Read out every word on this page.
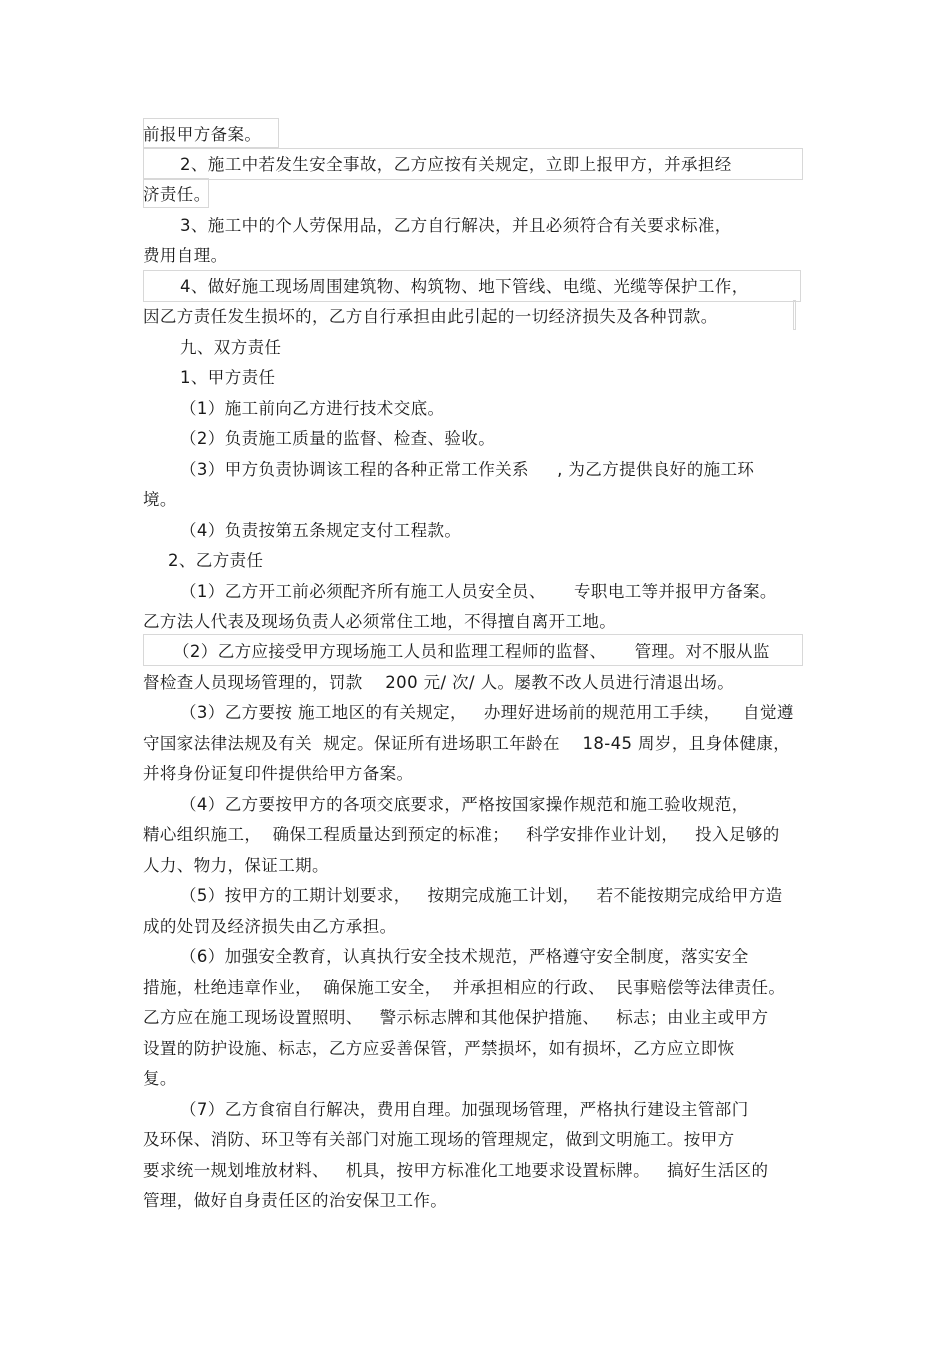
前报甲方备案。
2、施工中若发生安全事故，乙方应按有关规定，立即上报甲方，并承担经
济责任。
3、施工中的个人劳保用品，乙方自行解决，并且必须符合有关要求标准，
费用自理。
4、做好施工现场周围建筑物、构筑物、地下管线、电缆、光缆等保护工作，
因乙方责任发生损坏的，乙方自行承担由此引起的一切经济损失及各种罚款。
九、双方责任
1、甲方责任
（1）施工前向乙方进行技术交底。
（2）负责施工质量的监督、检查、验收。
（3）甲方负责协调该工程的各种正常工作关系     , 为乙方提供良好的施工环
境。
（4）负责按第五条规定支付工程款。
2、乙方责任
（1）乙方开工前必须配齐所有施工人员安全员、     专职电工等并报甲方备案。
乙方法人代表及现场负责人必须常住工地，不得擅自离开工地。
（2）乙方应接受甲方现场施工人员和监理工程师的监督、     管理。对不服从监
督检查人员现场管理的，罚款    200 元/ 次/ 人。屡教不改人员进行清退出场。
（3）乙方要按 施工地区的有关规定，   办理好进场前的规范用工手续，    自觉遵
守国家法律法规及有关  规定。保证所有进场职工年龄在    18-45 周岁，且身体健康，
并将身份证复印件提供给甲方备案。
（4）乙方要按甲方的各项交底要求，严格按国家操作规范和施工验收规范，
精心组织施工，  确保工程质量达到预定的标准；   科学安排作业计划，   投入足够的
人力、物力，保证工期。
（5）按甲方的工期计划要求，   按期完成施工计划，   若不能按期完成给甲方造
成的处罚及经济损失由乙方承担。
（6）加强安全教育，认真执行安全技术规范，严格遵守安全制度，落实安全
措施，杜绝违章作业，  确保施工安全，  并承担相应的行政、  民事赔偿等法律责任。
乙方应在施工现场设置照明、   警示标志牌和其他保护措施、   标志；由业主或甲方
设置的防护设施、标志，乙方应妥善保管，严禁损坏，如有损坏，乙方应立即恢
复。
（7）乙方食宿自行解决，费用自理。加强现场管理，严格执行建设主管部门
及环保、消防、环卫等有关部门对施工现场的管理规定，做到文明施工。按甲方
要求统一规划堆放材料、   机具，按甲方标准化工地要求设置标牌。   搞好生活区的
管理，做好自身责任区的治安保卫工作。
